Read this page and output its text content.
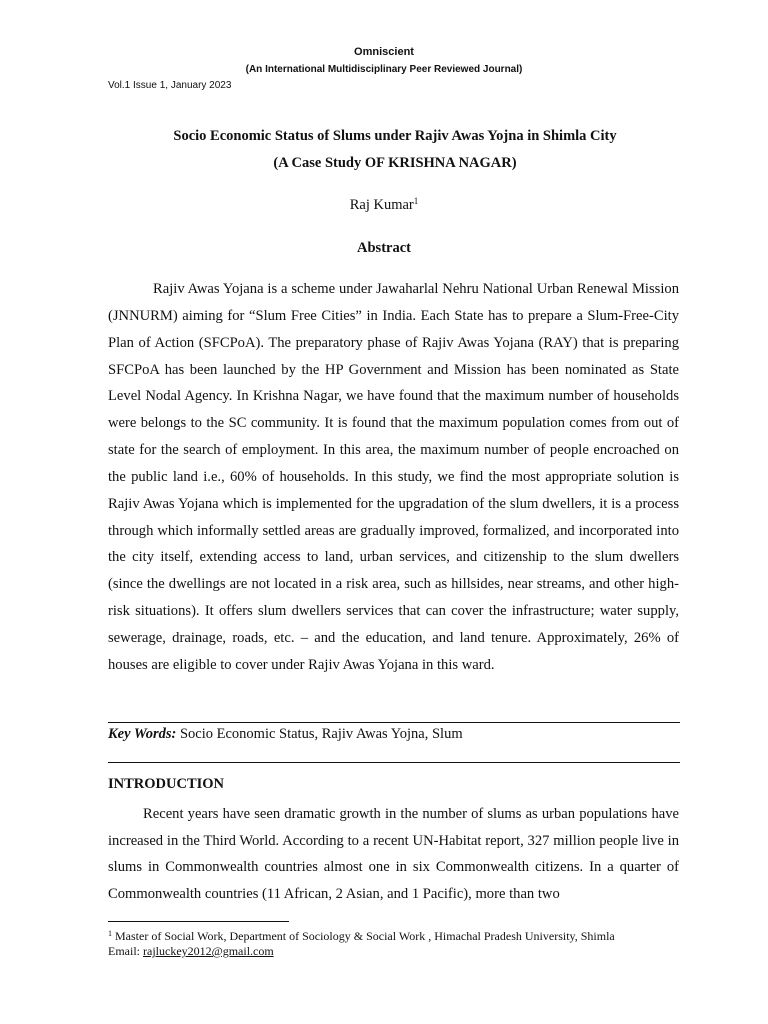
Omniscient
(An International Multidisciplinary Peer Reviewed Journal)
Vol.1 Issue 1, January 2023
Socio Economic Status of Slums under Rajiv Awas Yojna in Shimla City
(A Case Study OF KRISHNA NAGAR)
Raj Kumar$^1$
Abstract

Rajiv Awas Yojana is a scheme under Jawaharlal Nehru National Urban Renewal Mission (JNNURM) aiming for “Slum Free Cities” in India. Each State has to prepare a Slum-Free-City Plan of Action (SFCPoA). The preparatory phase of Rajiv Awas Yojana (RAY) that is preparing SFCPoA has been launched by the HP Government and Mission has been nominated as State Level Nodal Agency. In Krishna Nagar, we have found that the maximum number of households were belongs to the SC community. It is found that the maximum population comes from out of state for the search of employment. In this area, the maximum number of people encroached on the public land i.e., 60% of households. In this study, we find the most appropriate solution is Rajiv Awas Yojana which is implemented for the upgradation of the slum dwellers, it is a process through which informally settled areas are gradually improved, formalized, and incorporated into the city itself, extending access to land, urban services, and citizenship to the slum dwellers (since the dwellings are not located in a risk area, such as hillsides, near streams, and other high-risk situations). It offers slum dwellers services that can cover the infrastructure; water supply, sewerage, drainage, roads, etc. – and the education, and land tenure. Approximately, 26% of houses are eligible to cover under Rajiv Awas Yojana in this ward.

Key Words: Socio Economic Status, Rajiv Awas Yojna, Slum
INTRODUCTION

Recent years have seen dramatic growth in the number of slums as urban populations have increased in the Third World. According to a recent UN-Habitat report, 327 million people live in slums in Commonwealth countries almost one in six Commonwealth citizens. In a quarter of Commonwealth countries (11 African, 2 Asian, and 1 Pacific), more than two

$^1$ Master of Social Work, Department of Sociology & Social Work , Himachal Pradesh University, Shimla
Email: rajluckey2012@gmail.com
